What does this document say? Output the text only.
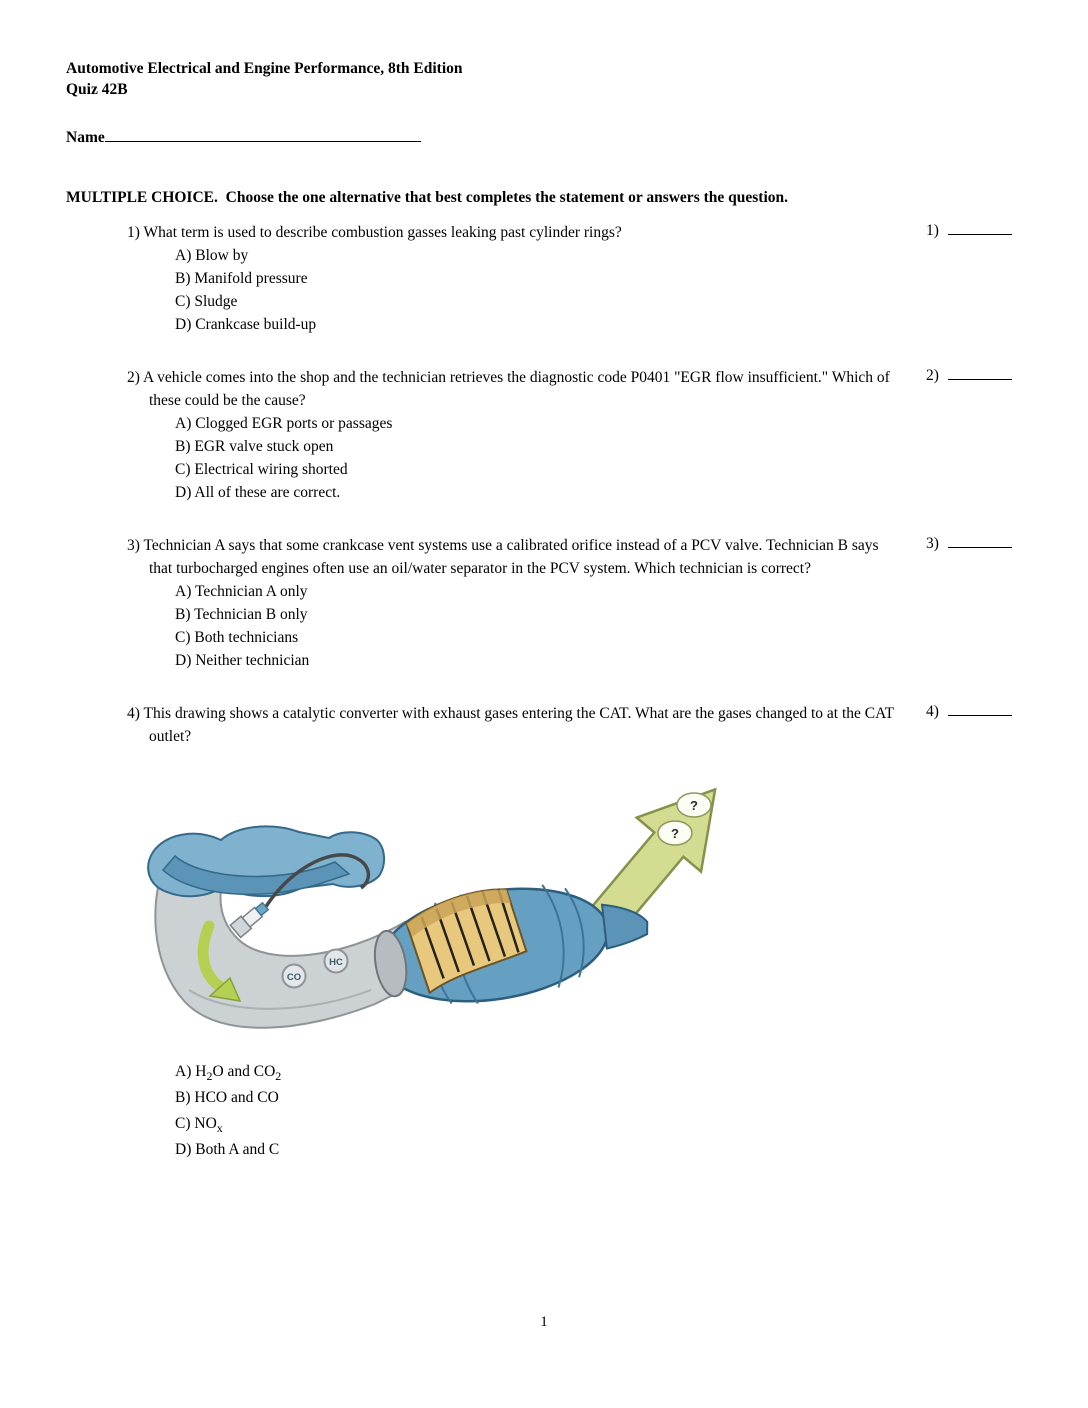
Automotive Electrical and Engine Performance, 8th Edition
Quiz 42B
Name
MULTIPLE CHOICE.  Choose the one alternative that best completes the statement or answers the question.
1) What term is used to describe combustion gasses leaking past cylinder rings?
A) Blow by
B) Manifold pressure
C) Sludge
D) Crankcase build-up
1)
2) A vehicle comes into the shop and the technician retrieves the diagnostic code P0401 "EGR flow insufficient." Which of these could be the cause?
A) Clogged EGR ports or passages
B) EGR valve stuck open
C) Electrical wiring shorted
D) All of these are correct.
2)
3) Technician A says that some crankcase vent systems use a calibrated orifice instead of a PCV valve. Technician B says that turbocharged engines often use an oil/water separator in the PCV system. Which technician is correct?
A) Technician A only
B) Technician B only
C) Both technicians
D) Neither technician
3)
4) This drawing shows a catalytic converter with exhaust gases entering the CAT. What are the gases changed to at the CAT outlet?
CO
HC
?
?
A) $H_2O$ and $CO_2$
B) HCO and CO
C) $NO_x$
D) Both A and C
4)
1
